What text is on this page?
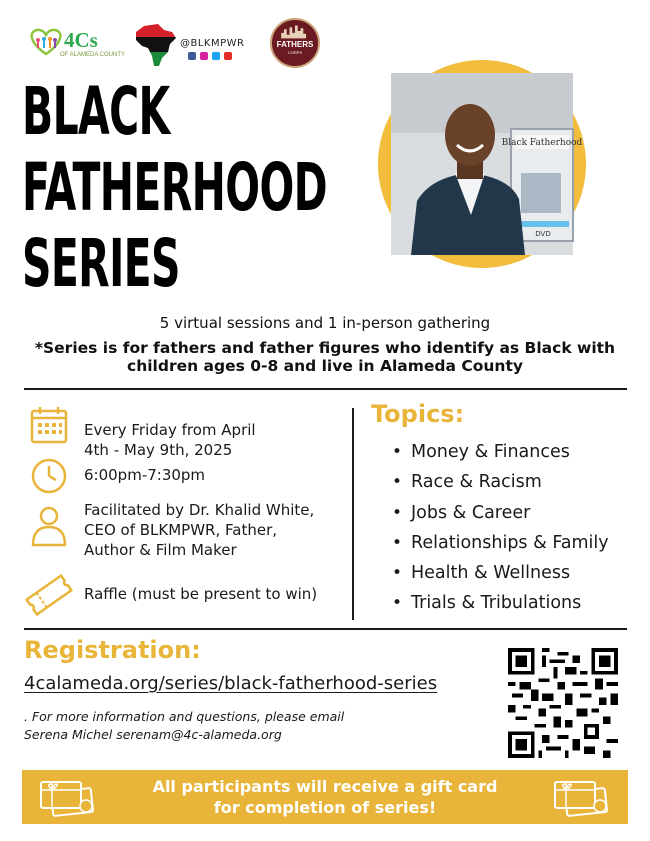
4Cs
OF ALAMEDA COUNTY
@BLKMPWR	FATHERS
CORPS
BLACK
FATHERHOOD
SERIES
Black Fatherhood
DVD
5 virtual sessions and 1 in-person gathering
*Series is for fathers and father figures who identify as Black with
children ages 0-8 and live in Alameda County
Every Friday from April
4th - May 9th, 2025
6:00pm-7:30pm
Facilitated by Dr. Khalid White,
CEO of BLKMPWR, Father,
Author & Film Maker
Raffle (must be present to win)
Topics:
• Money & Finances
• Race & Racism
• Jobs & Career
• Relationships & Family
• Health & Wellness
• Trials & Tribulations
Registration:
4calameda.org/series/black-fatherhood-series
. For more information and questions, please email
Serena Michel serenam@4c-alameda.org
All participants will receive a gift card
for completion of series!
